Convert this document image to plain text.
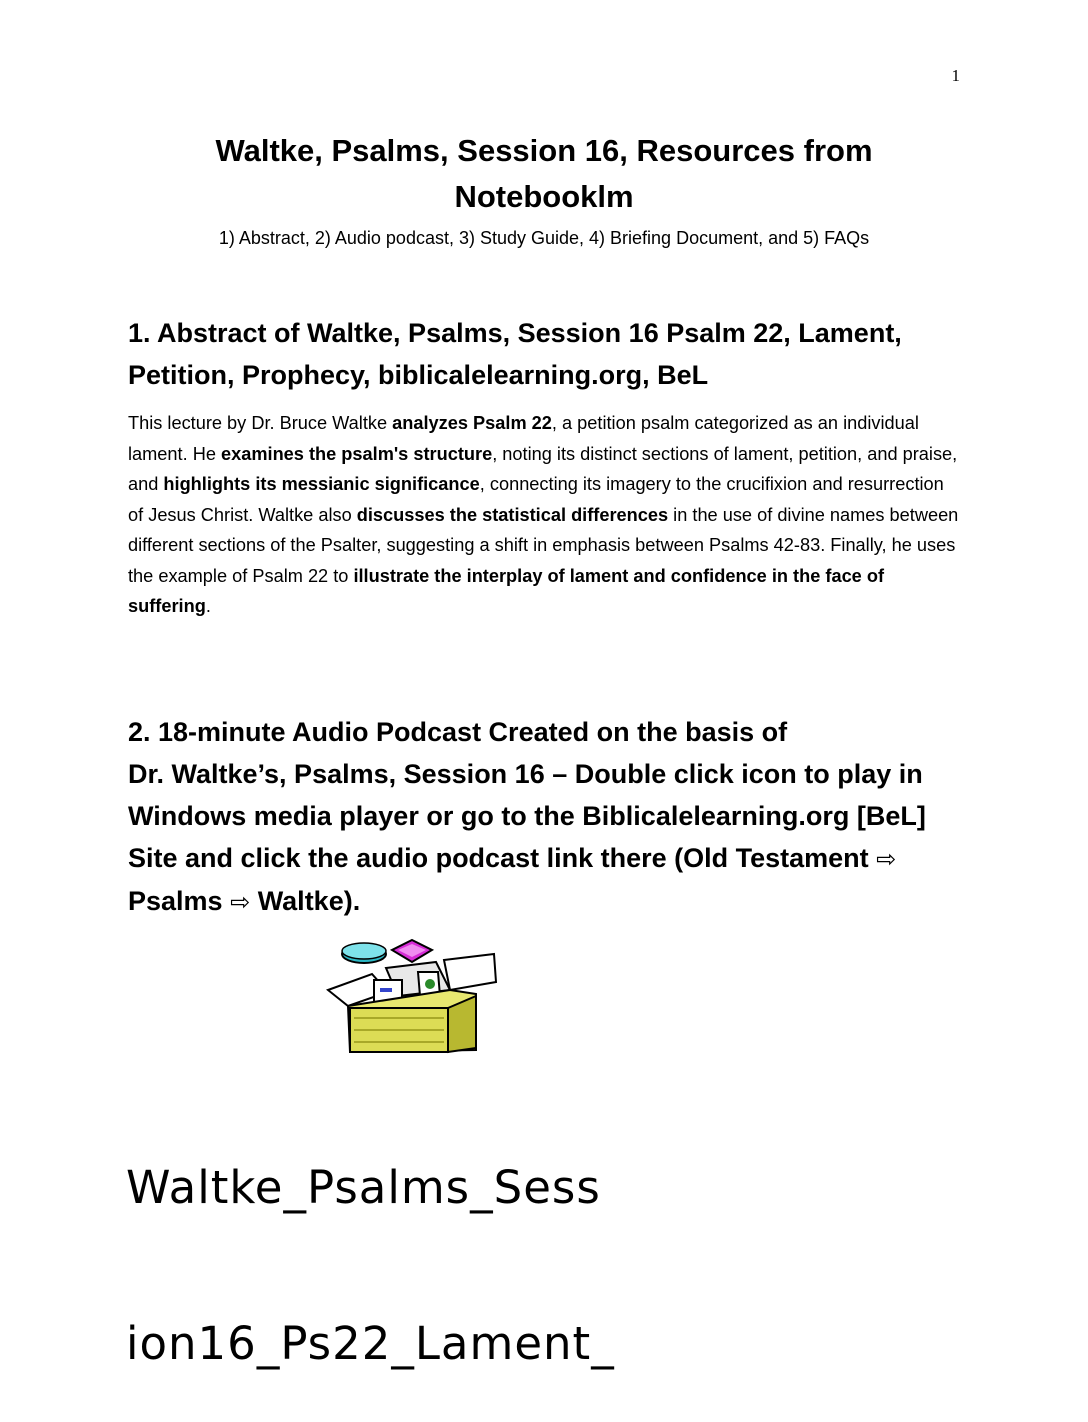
1
Waltke, Psalms, Session 16, Resources from
Notebooklm
1) Abstract, 2) Audio podcast, 3) Study Guide, 4) Briefing Document, and 5) FAQs
1. Abstract of Waltke, Psalms, Session 16 Psalm 22, Lament,
Petition, Prophecy, biblicalelearning.org, BeL
This lecture by Dr. Bruce Waltke analyzes Psalm 22, a petition psalm categorized as an individual lament. He examines the psalm's structure, noting its distinct sections of lament, petition, and praise, and highlights its messianic significance, connecting its imagery to the crucifixion and resurrection of Jesus Christ. Waltke also discusses the statistical differences in the use of divine names between different sections of the Psalter, suggesting a shift in emphasis between Psalms 42-83. Finally, he uses the example of Psalm 22 to illustrate the interplay of lament and confidence in the face of suffering.
2. 18-minute Audio Podcast Created on the basis of
Dr. Waltke’s, Psalms, Session 16 – Double click icon to play in
Windows media player or go to the Biblicalelearning.org [BeL]
Site and click the audio podcast link there (Old Testament ⇨
Psalms ⇨ Waltke).

Waltke_Psalms_Sess

ion16_Ps22_Lament_
